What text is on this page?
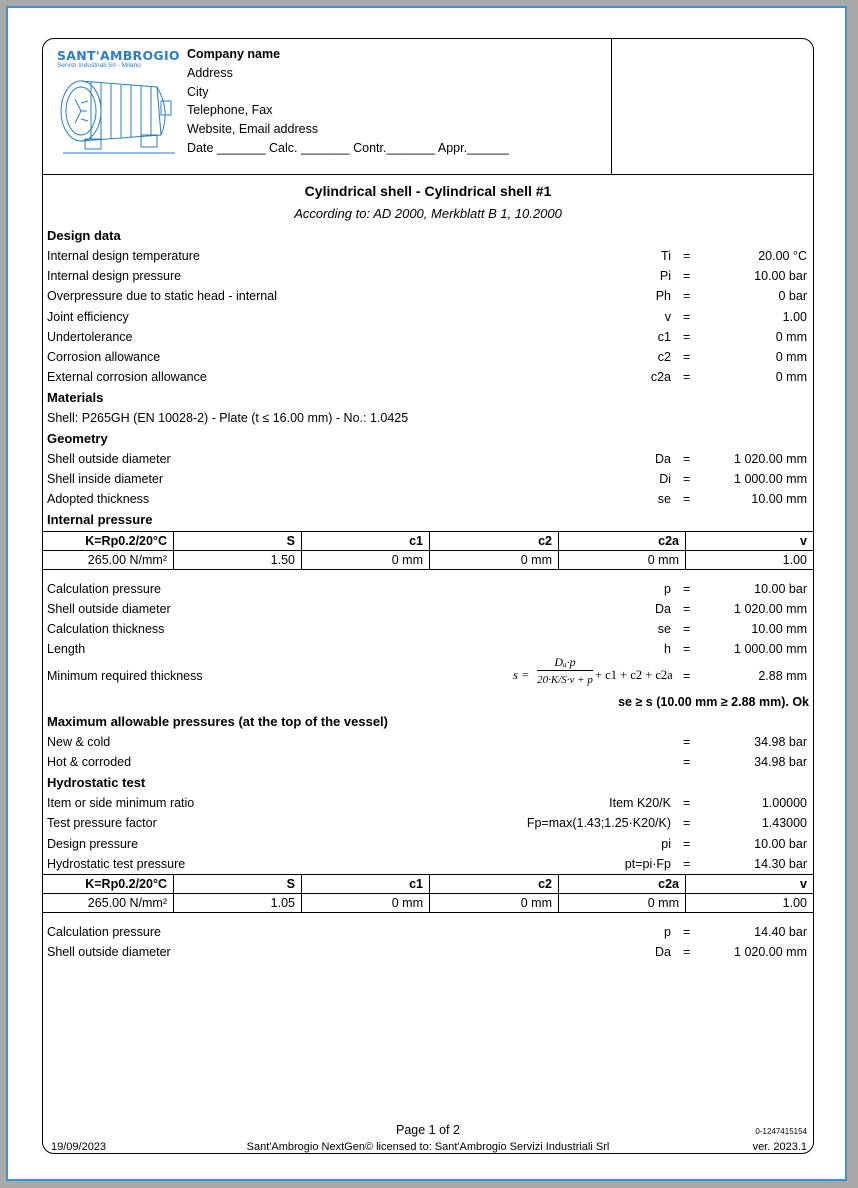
SANT'AMBROGIO
Servizi Industriali Srl - Milano
Company name
Address
City
Telephone, Fax
Website, Email address
Date _______ Calc. _______ Contr._______ Appr.______
Cylindrical shell - Cylindrical shell #1
According to: AD 2000, Merkblatt B 1, 10.2000
Design data
Internal design temperature	Ti =	20.00 °C
Internal design pressure	Pi =	10.00 bar
Overpressure due to static head - internal	Ph =	0 bar
Joint efficiency	v =	1.00
Undertolerance	c1 =	0 mm
Corrosion allowance	c2 =	0 mm
External corrosion allowance	c2a =	0 mm
Materials
Shell: P265GH (EN 10028-2) - Plate (t ≤ 16.00 mm) - No.: 1.0425
Geometry
Shell outside diameter	Da =	1 020.00 mm
Shell inside diameter	Di =	1 000.00 mm
Adopted thickness	se =	10.00 mm
Internal pressure
K=Rp0.2/20°C	S	c1	c2	c2a	v
265.00 N/mm²	1.50	0 mm	0 mm	0 mm	1.00
Calculation pressure	p =	10.00 bar
Shell outside diameter	Da =	1 020.00 mm
Calculation thickness	se =	10.00 mm
Length	h =	1 000.00 mm
Minimum required thickness	=	2.88 mm
s =
Dₐ·p
20·K/S·v + p + c1 + c2 + c2a
se ≥ s (10.00 mm ≥ 2.88 mm). Ok
Maximum allowable pressures (at the top of the vessel)
New & cold	=	34.98 bar
Hot & corroded	=	34.98 bar
Hydrostatic test
Item or side minimum ratio	Item K20/K =	1.00000
Test pressure factor	Fp=max(1.43;1.25·K20/K) =	1.43000
Design pressure	pi =	10.00 bar
Hydrostatic test pressure	pt=pi·Fp =	14.30 bar
K=Rp0.2/20°C	S	c1	c2	c2a	v
265.00 N/mm²	1.05	0 mm	0 mm	0 mm	1.00
Calculation pressure	p =	14.40 bar
Shell outside diameter	Da =	1 020.00 mm
Page 1 of 2	0-1247415154
19/09/2023	Sant'Ambrogio NextGen© licensed to: Sant'Ambrogio Servizi Industriali Srl	ver. 2023.1
